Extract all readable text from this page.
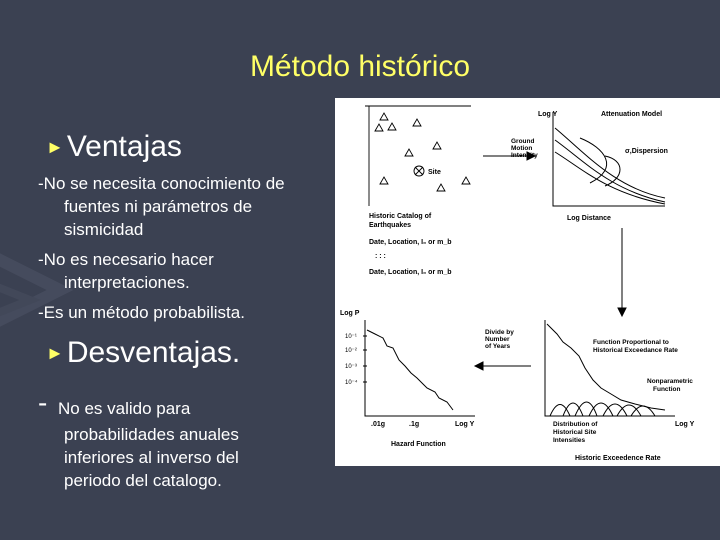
Método histórico
► Ventajas
-No se necesita conocimiento de
fuentes ni parámetros de
sismicidad
-No es necesario hacer
interpretaciones.
-Es un método probabilista.
► Desventajas.
- No es valido para
probabilidades anuales
inferiores al inverso del
periodo del catalogo.
Site
Historic Catalog of
Earthquakes
Date, Location, I₀ or m_b
: : :
Date, Location, I₀ or m_b
Ground
Motion
Intensity
Log Y	Attenuation Model
σ,Dispersion
Log Distance
Divide by
Number
of Years
Log P
10⁻¹
10⁻²
10⁻³
10⁻⁴
.01g	.1g	Log Y
Hazard Function
Function Proportional to
Historical Exceedance Rate
Nonparametric
Function
Distribution of
Historical Site
Intensities
Log Y
Historic Exceedence Rate
